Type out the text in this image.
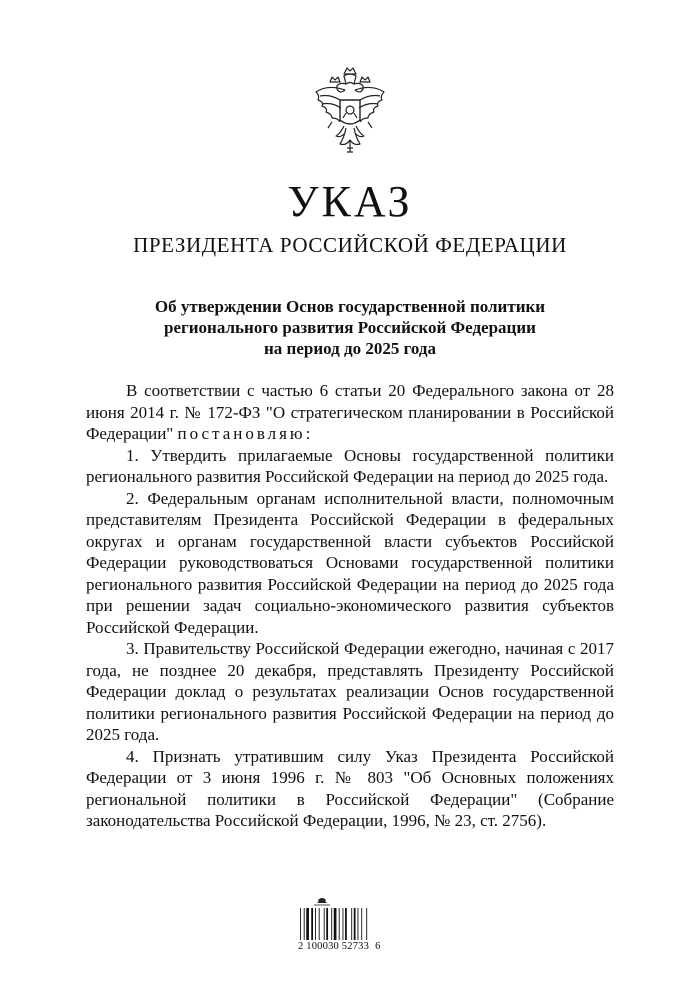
УКАЗ
ПРЕЗИДЕНТА РОССИЙСКОЙ ФЕДЕРАЦИИ
Об утверждении Основ государственной политики
регионального развития Российской Федерации
на период до 2025 года

В соответствии с частью 6 статьи 20 Федерального закона от 28 июня 2014 г. № 172-ФЗ "О стратегическом планировании в Российской Федерации" постановляю:

1. Утвердить прилагаемые Основы государственной политики регионального развития Российской Федерации на период до 2025 года.

2. Федеральным органам исполнительной власти, полномочным представителям Президента Российской Федерации в федеральных округах и органам государственной власти субъектов Российской Федерации руководствоваться Основами государственной политики регионального развития Российской Федерации на период до 2025 года при решении задач социально-экономического развития субъектов Российской Федерации.

3. Правительству Российской Федерации ежегодно, начиная с 2017 года, не позднее 20 декабря, представлять Президенту Российской Федерации доклад о результатах реализации Основ государственной политики регионального развития Российской Федерации на период до 2025 года.

4. Признать утратившим силу Указ Президента Российской Федерации от 3 июня 1996 г. № 803 "Об Основных положениях региональной политики в Российской Федерации" (Собрание законодательства Российской Федерации, 1996, № 23, ст. 2756).

2 100030 52733 6
